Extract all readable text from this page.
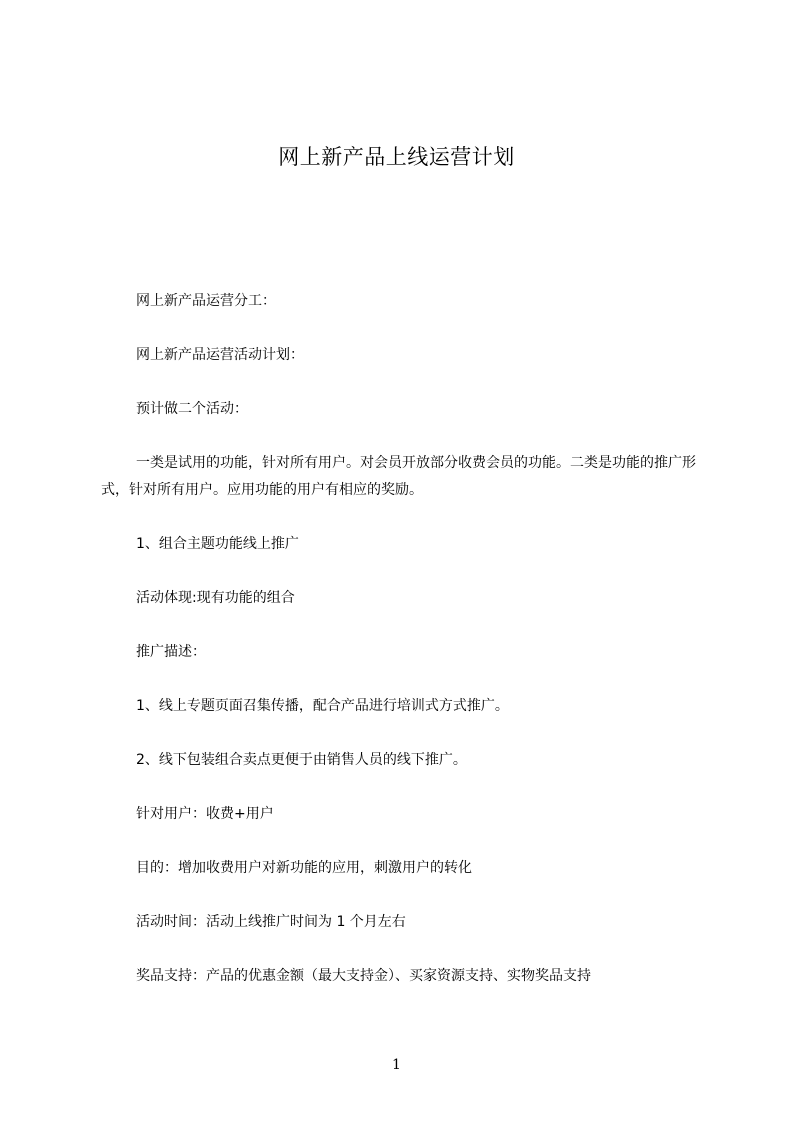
网上新产品上线运营计划

网上新产品运营分工：

网上新产品运营活动计划：

预计做二个活动：

一类是试用的功能，针对所有用户。对会员开放部分收费会员的功能。二类是功能的推广形式，针对所有用户。应用功能的用户有相应的奖励。

1、组合主题功能线上推广

活动体现:现有功能的组合

推广描述：

1、线上专题页面召集传播，配合产品进行培训式方式推广。

2、线下包装组合卖点更便于由销售人员的线下推广。

针对用户：收费+用户

目的：增加收费用户对新功能的应用，刺激用户的转化

活动时间：活动上线推广时间为 1 个月左右

奖品支持：产品的优惠金额（最大支持金）、买家资源支持、实物奖品支持

1
